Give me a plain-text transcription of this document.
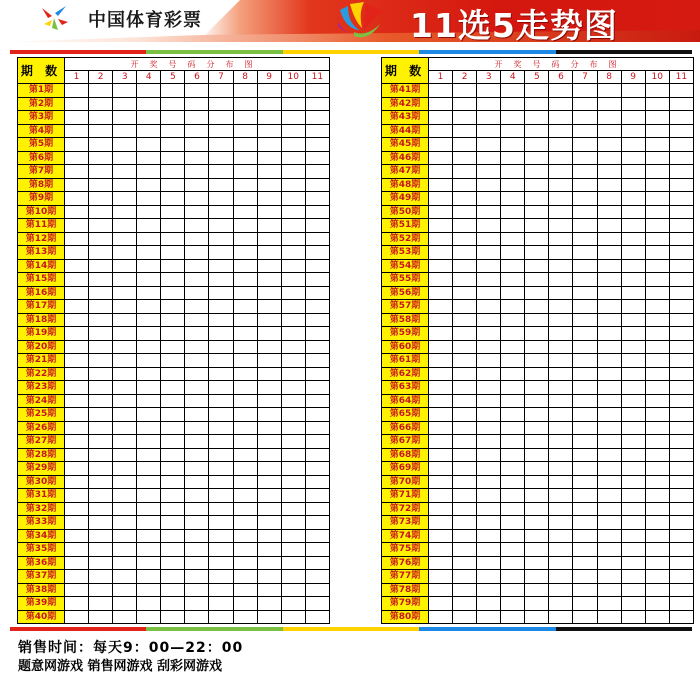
中国体育彩票	11选5走势图
期 数	开奖号码分布图										
	1	2	3	4	5	6	7	8	9	10	11
第1期											
第2期											
第3期											
第4期											
第5期											
第6期											
第7期											
第8期											
第9期											
第10期											
第11期											
第12期											
第13期											
第14期											
第15期											
第16期											
第17期											
第18期											
第19期											
第20期											
第21期											
第22期											
第23期											
第24期											
第25期											
第26期											
第27期											
第28期											
第29期											
第30期											
第31期											
第32期											
第33期											
第34期											
第35期											
第36期											
第37期											
第38期											
第39期											
第40期											
期 数	开奖号码分布图										
	1	2	3	4	5	6	7	8	9	10	11
第41期											
第42期											
第43期											
第44期											
第45期											
第46期											
第47期											
第48期											
第49期											
第50期											
第51期											
第52期											
第53期											
第54期											
第55期											
第56期											
第57期											
第58期											
第59期											
第60期											
第61期											
第62期											
第63期											
第64期											
第65期											
第66期											
第67期											
第68期											
第69期											
第70期											
第71期											
第72期											
第73期											
第74期											
第75期											
第76期											
第77期											
第78期											
第79期											
第80期											
销售时间：每天9：00—22：00
题意网游戏 销售网游戏 刮彩网游戏
